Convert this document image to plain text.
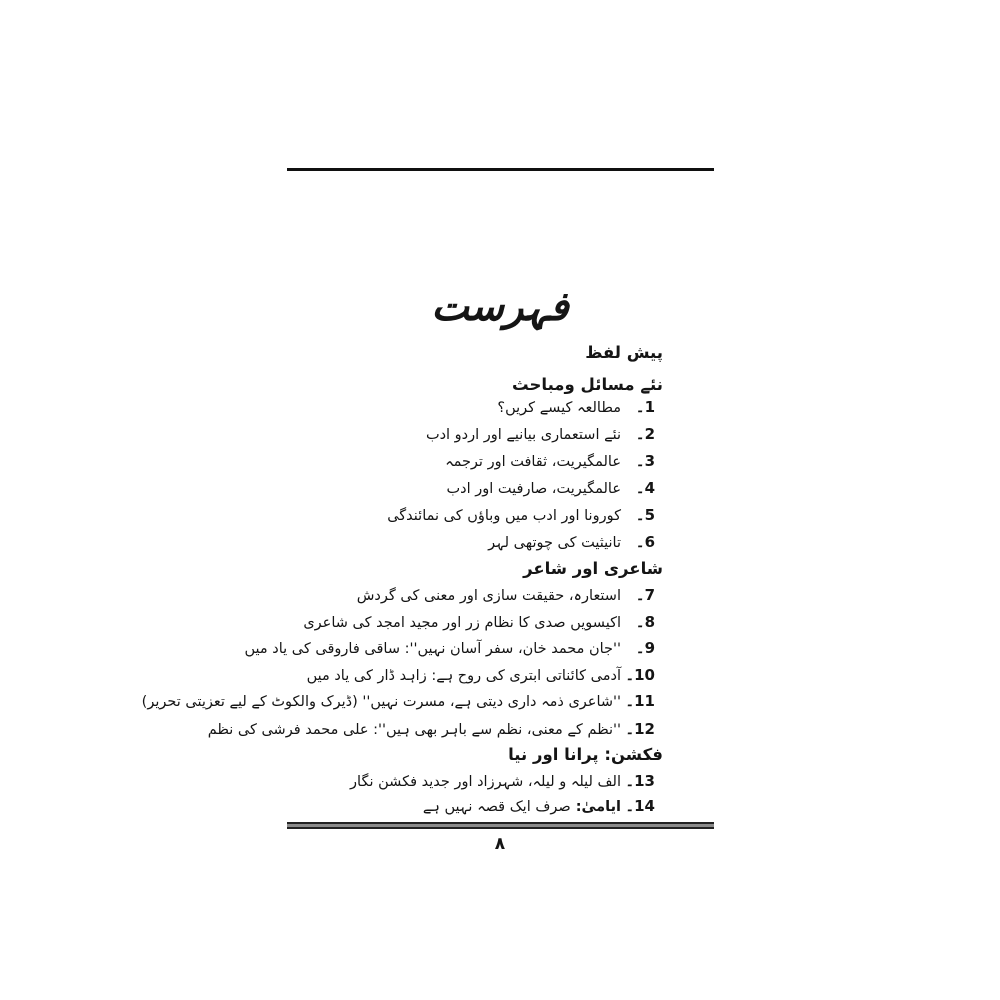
فہرست
پیش لفظ
نئے مسائل ومباحث
1۔مطالعہ کیسے کریں؟
2۔نئے استعماری بیانیے اور اردو ادب
3۔عالمگیریت، ثقافت اور ترجمہ
4۔عالمگیریت، صارفیت اور ادب
5۔کورونا اور ادب میں وباؤں کی نمائندگی
6۔تانیثیت کی چوتھی لہر
شاعری اور شاعر
7۔استعارہ، حقیقت سازی اور معنی کی گردش
8۔اکیسویں صدی کا نظام زر اور مجید امجد کی شاعری
9۔''جان محمد خان، سفر آسان نہیں'': ساقی فاروقی کی یاد میں
10۔آدمی کائناتی ابتری کی روح ہے: زاہد ڈار کی یاد میں
11۔''شاعری ذمہ داری دیتی ہے، مسرت نہیں'' (ڈیرک والکوٹ کے لیے تعزیتی تحریر)
12۔''نظم کے معنی، نظم سے باہر بھی ہیں'': علی محمد فرشی کی نظم
فکشن: پرانا اور نیا
13۔الف لیلہ و لیلہ، شہرزاد اور جدید فکشن نگار
14۔ایامیٰ:صرف ایک قصہ نہیں ہے
۸
